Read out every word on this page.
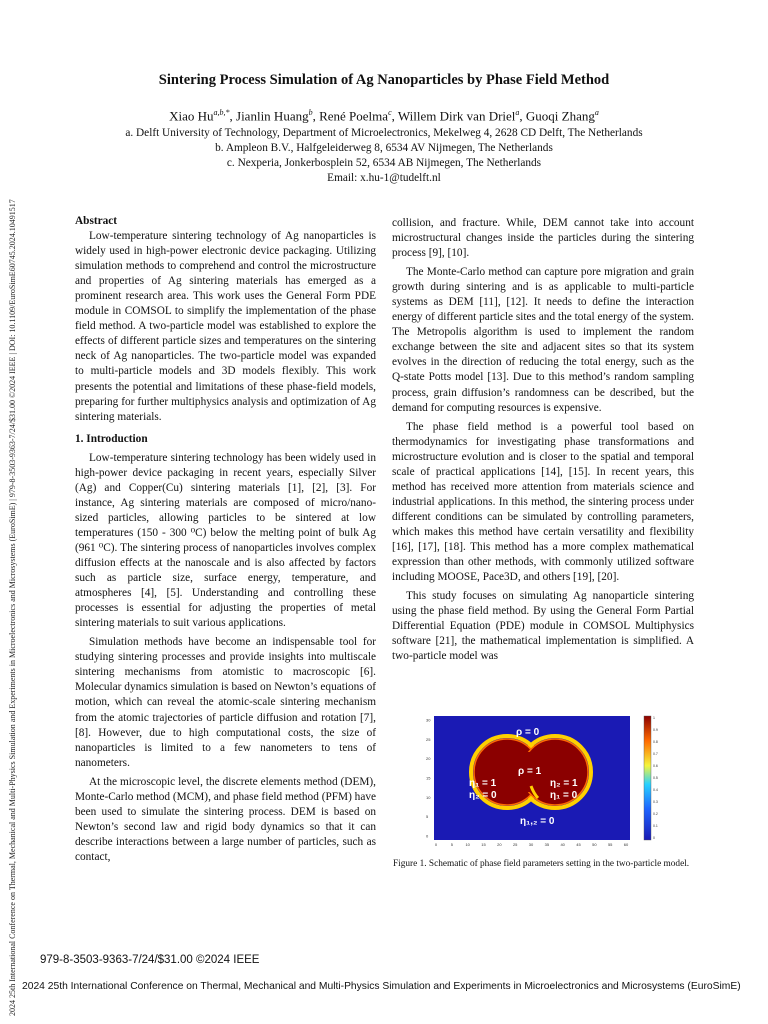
2024 25th International Conference on Thermal, Mechanical and Multi-Physics Simulation and Experiments in Microelectronics and Microsystems (EuroSimE) | 979-8-3503-9363-7/24/$31.00 ©2024 IEEE | DOI: 10.1109/EuroSimE60745.2024.10491517
Sintering Process Simulation of Ag Nanoparticles by Phase Field Method
Xiao $Hu^{a,b,*}$, Jianlin Huang$^b$, René Poelma$^c$, Willem Dirk van Driel$^a$, Guoqi Zhang$^a$
a. Delft University of Technology, Department of Microelectronics, Mekelweg 4, 2628 CD Delft, The Netherlands
b. Ampleon B.V., Halfgeleiderweg 8, 6534 AV Nijmegen, The Netherlands
c. Nexperia, Jonkerbosplein 52, 6534 AB Nijmegen, The Netherlands
Email: x.hu-1@tudelft.nl
Abstract

Low-temperature sintering technology of Ag nanoparticles is widely used in high-power electronic device packaging. Utilizing simulation methods to comprehend and control the microstructure and properties of Ag sintering materials has emerged as a prominent research area. This work uses the General Form PDE module in COMSOL to simplify the implementation of the phase field method. A two-particle model was established to explore the effects of different particle sizes and temperatures on the sintering neck of Ag nanoparticles. The two-particle model was expanded to multi-particle models and 3D models flexibly. This work presents the potential and limitations of these phase-field models, preparing for further multiphysics analysis and optimization of Ag sintering materials.

1. Introduction

Low-temperature sintering technology has been widely used in high-power device packaging in recent years, especially Silver (Ag) and Copper(Cu) sintering materials [1], [2], [3]. For instance, Ag sintering materials are composed of micro/nano-sized particles, allowing particles to be sintered at low temperatures (150 - 300 ⁰C) below the melting point of bulk Ag (961 ⁰C). The sintering process of nanoparticles involves complex diffusion effects at the nanoscale and is also affected by factors such as particle size, surface energy, temperature, and atmospheres [4], [5]. Understanding and controlling these processes is essential for adjusting the properties of metal sintering materials to suit various applications.

Simulation methods have become an indispensable tool for studying sintering processes and provide insights into multiscale sintering mechanisms from atomistic to macroscopic [6]. Molecular dynamics simulation is based on Newton’s equations of motion, which can reveal the atomic-scale sintering mechanism from the atomic trajectories of particle diffusion and rotation [7], [8]. However, due to high computational costs, the size of nanoparticles is limited to a few nanometers to tens of nanometers.

At the microscopic level, the discrete elements method (DEM), Monte-Carlo method (MCM), and phase field method (PFM) have been used to simulate the sintering process. DEM is based on Newton’s second law and rigid body dynamics so that it can describe interactions between a large number of particles, such as contact,

collision, and fracture. While, DEM cannot take into account microstructural changes inside the particles during the sintering process [9], [10].

The Monte-Carlo method can capture pore migration and grain growth during sintering and is as applicable to multi-particle systems as DEM [11], [12]. It needs to define the interaction energy of different particle sites and the total energy of the system. The Metropolis algorithm is used to implement the random exchange between the site and adjacent sites so that its system evolves in the direction of reducing the total energy, such as the Q-state Potts model [13]. Due to this method’s random sampling process, grain diffusion’s randomness can be described, but the demand for computing resources is expensive.

The phase field method is a powerful tool based on thermodynamics for investigating phase transformations and microstructure evolution and is closer to the spatial and temporal scale of practical applications [14], [15]. In recent years, this method has received more attention from materials science and industrial applications. In this method, the sintering process under different conditions can be simulated by controlling parameters, which makes this method have certain versatility and flexibility [16], [17], [18]. This method has a more complex mathematical expression than other methods, with commonly utilized software including MOOSE, Pace3D, and others [19], [20].

This study focuses on simulating Ag nanoparticle sintering using the phase field method. By using the General Form Partial Differential Equation (PDE) module in COMSOL Multiphysics software [21], the mathematical implementation is simplified. A two-particle model was

ρ = 0
ρ = 1
η₁ = 1
η₂ = 0
η₂ = 1
η₁ = 0
η₁,₂ = 0
0
5
10
15
20
25
30
0	5	10	15	20	25	30	35	40	45	50	55	60
0
0.1
0.2
0.3
0.4
0.5
0.6
0.7
0.8
0.9
1
Figure 1. Schematic of phase field parameters setting in the two-particle model.
979-8-3503-9363-7/24/$31.00 ©2024 IEEE
2024 25th International Conference on Thermal, Mechanical and Multi-Physics Simulation and Experiments in Microelectronics and Microsystems (EuroSimE)
